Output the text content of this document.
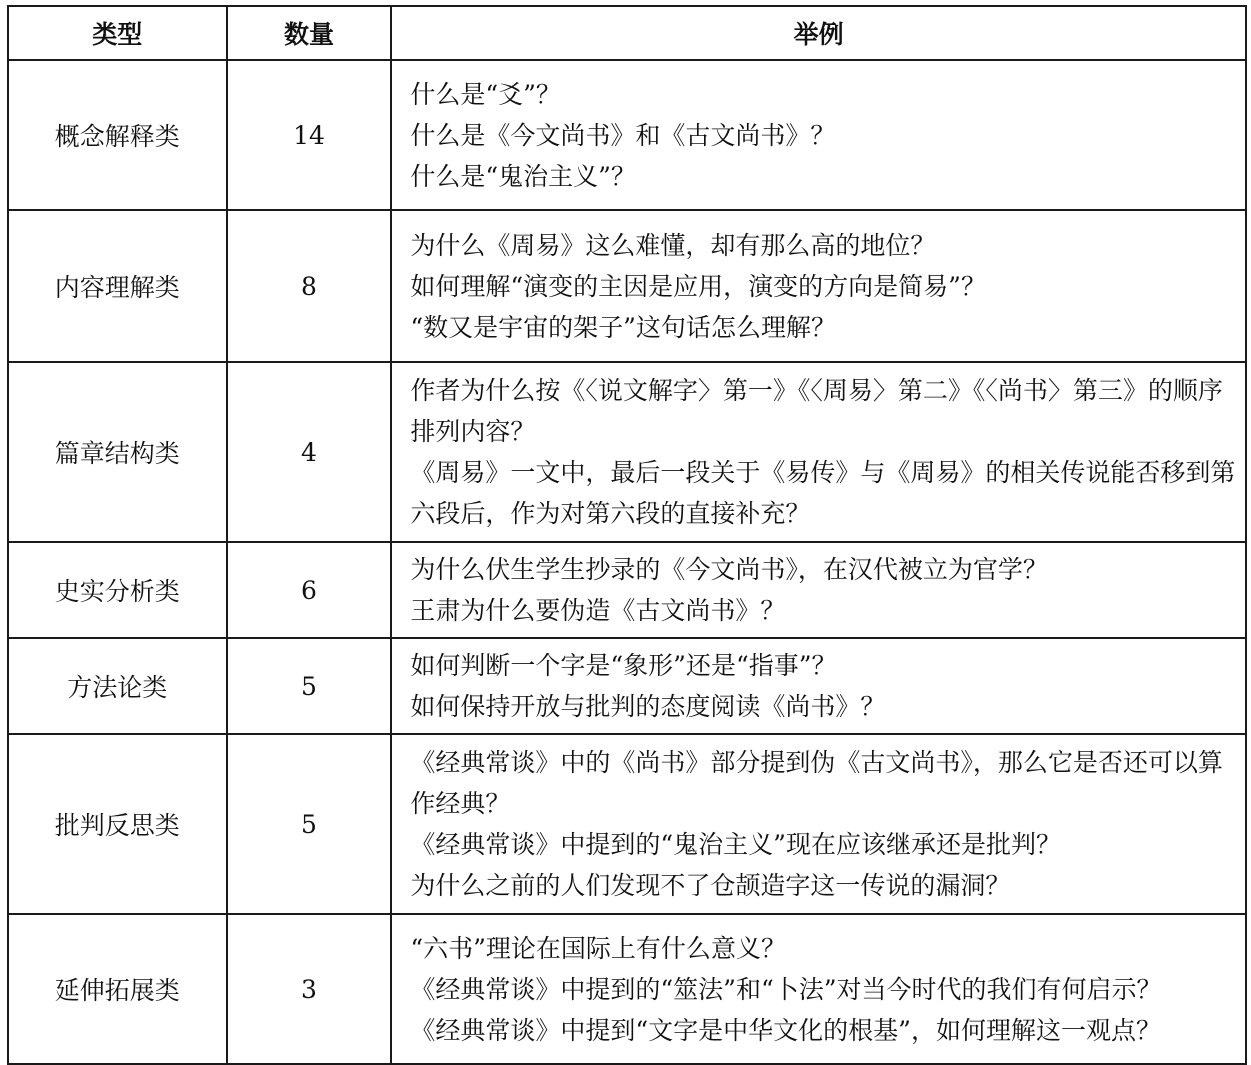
类型	数量	举例
概念解释类	14	什么是“爻”？
什么是《今文尚书》和《古文尚书》？
什么是“鬼治主义”？

内容理解类	8	为什么《周易》这么难懂，却有那么高的地位？
如何理解“演变的主因是应用，演变的方向是简易”？
“数又是宇宙的架子”这句话怎么理解？

篇章结构类	4	作者为什么按《〈说文解字〉第一》《〈周易〉第二》《〈尚书〉第三》的顺序排列内容？
《周易》一文中，最后一段关于《易传》与《周易》的相关传说能否移到第六段后，作为对第六段的直接补充？

史实分析类	6	为什么伏生学生抄录的《今文尚书》，在汉代被立为官学？
王肃为什么要伪造《古文尚书》？

方法论类	5	如何判断一个字是“象形”还是“指事”？
如何保持开放与批判的态度阅读《尚书》？

批判反思类	5	《经典常谈》中的《尚书》部分提到伪《古文尚书》，那么它是否还可以算作经典？
《经典常谈》中提到的“鬼治主义”现在应该继承还是批判？
为什么之前的人们发现不了仓颉造字这一传说的漏洞？

延伸拓展类	3	“六书”理论在国际上有什么意义？
《经典常谈》中提到的“筮法”和“卜法”对当今时代的我们有何启示？
《经典常谈》中提到“文字是中华文化的根基”，如何理解这一观点？
